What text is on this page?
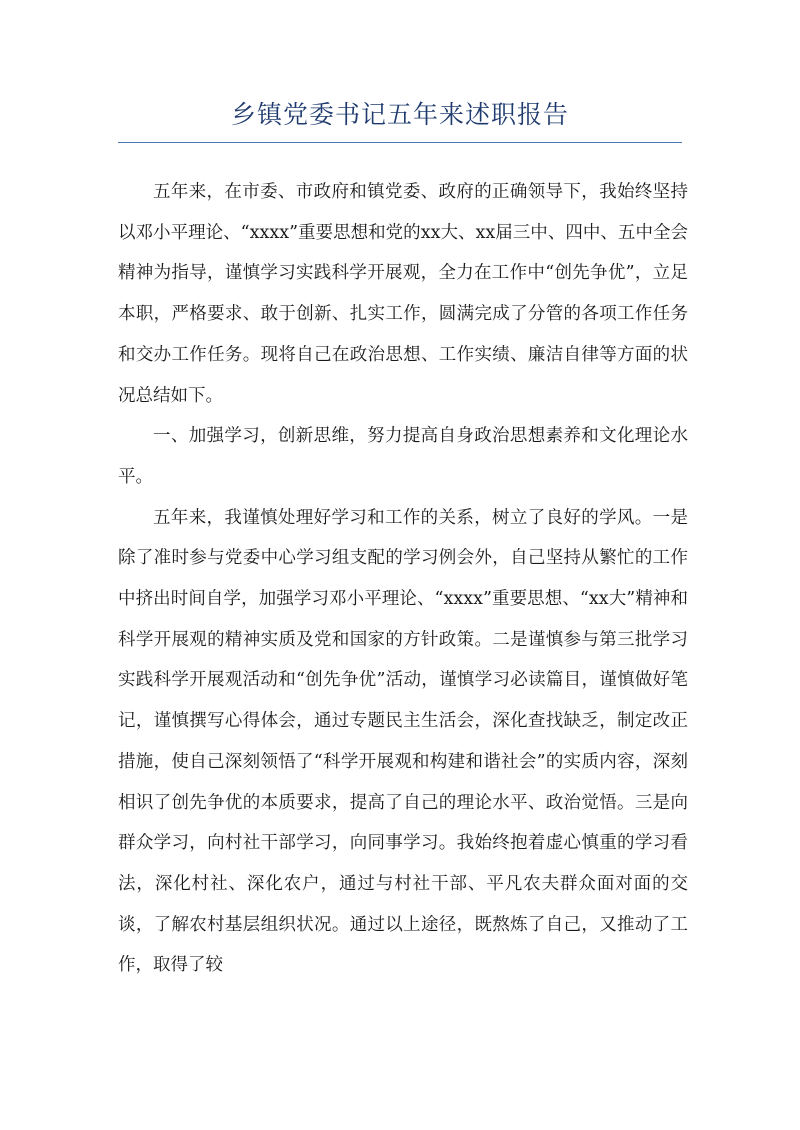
乡镇党委书记五年来述职报告

五年来，在市委、市政府和镇党委、政府的正确领导下，我始终坚持以邓小平理论、“xxxx”重要思想和党的xx大、xx届三中、四中、五中全会精神为指导，谨慎学习实践科学开展观，全力在工作中“创先争优”，立足本职，严格要求、敢于创新、扎实工作，圆满完成了分管的各项工作任务和交办工作任务。现将自己在政治思想、工作实绩、廉洁自律等方面的状况总结如下。

一、加强学习，创新思维，努力提高自身政治思想素养和文化理论水平。

五年来，我谨慎处理好学习和工作的关系，树立了良好的学风。一是除了准时参与党委中心学习组支配的学习例会外，自己坚持从繁忙的工作中挤出时间自学，加强学习邓小平理论、“xxxx”重要思想、“xx大”精神和科学开展观的精神实质及党和国家的方针政策。二是谨慎参与第三批学习实践科学开展观活动和“创先争优”活动，谨慎学习必读篇目，谨慎做好笔记，谨慎撰写心得体会，通过专题民主生活会，深化查找缺乏，制定改正措施，使自己深刻领悟了“科学开展观和构建和谐社会”的实质内容，深刻相识了创先争优的本质要求，提高了自己的理论水平、政治觉悟。三是向群众学习，向村社干部学习，向同事学习。我始终抱着虚心慎重的学习看法，深化村社、深化农户，通过与村社干部、平凡农夫群众面对面的交谈，了解农村基层组织状况。通过以上途径，既熬炼了自己，又推动了工作，取得了较
